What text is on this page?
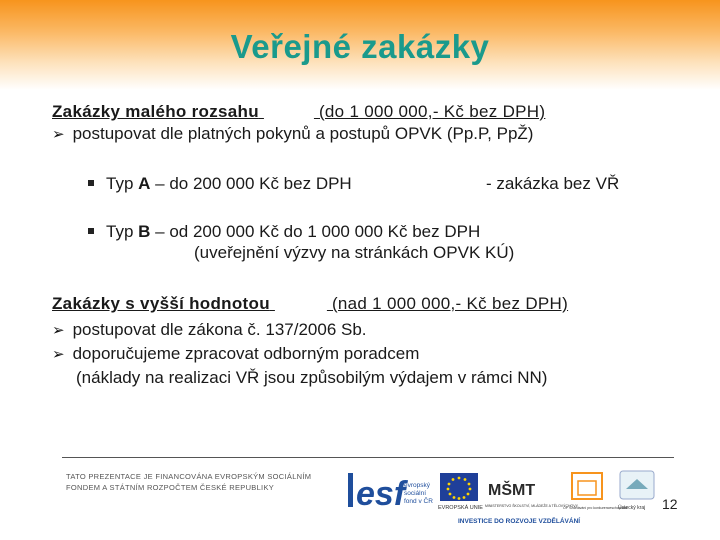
Veřejné zakázky
Zakázky malého rozsahu	(do 1 000 000,- Kč bez DPH)
➢ postupovat dle platných pokynů a postupů OPVK (Pp.P, PpŽ)
Typ A – do 200 000 Kč bez DPH	- zakázka bez VŘ
Typ B – od 200 000 Kč do 1 000 000 Kč bez DPH
(uveřejnění výzvy na stránkách OPVK KÚ)
Zakázky s vyšší hodnotou	(nad 1 000 000,- Kč bez DPH)
➢ postupovat dle zákona č. 137/2006 Sb.
➢ doporučujeme zpracovat odborným poradcem
(náklady na realizaci VŘ jsou způsobilým výdajem v rámci NN)
TATO PREZENTACE JE FINANCOVÁNA EVROPSKÝM SOCIÁLNÍM
FONDEM A STÁTNÍM ROZPOČTEM ČESKÉ REPUBLIKY	esf
evropský
sociální
fond v ČR
EVROPSKÁ UNIE
MŠMT
MINISTERSTVO ŠKOLSTVÍ, MLÁDEŽE A TĚLOVÝCHOVY
OP Vzdělávání pro konkurenceschopnost
Ústecký kraj
INVESTICE DO ROZVOJE VZDĚLÁVÁNÍ
12
